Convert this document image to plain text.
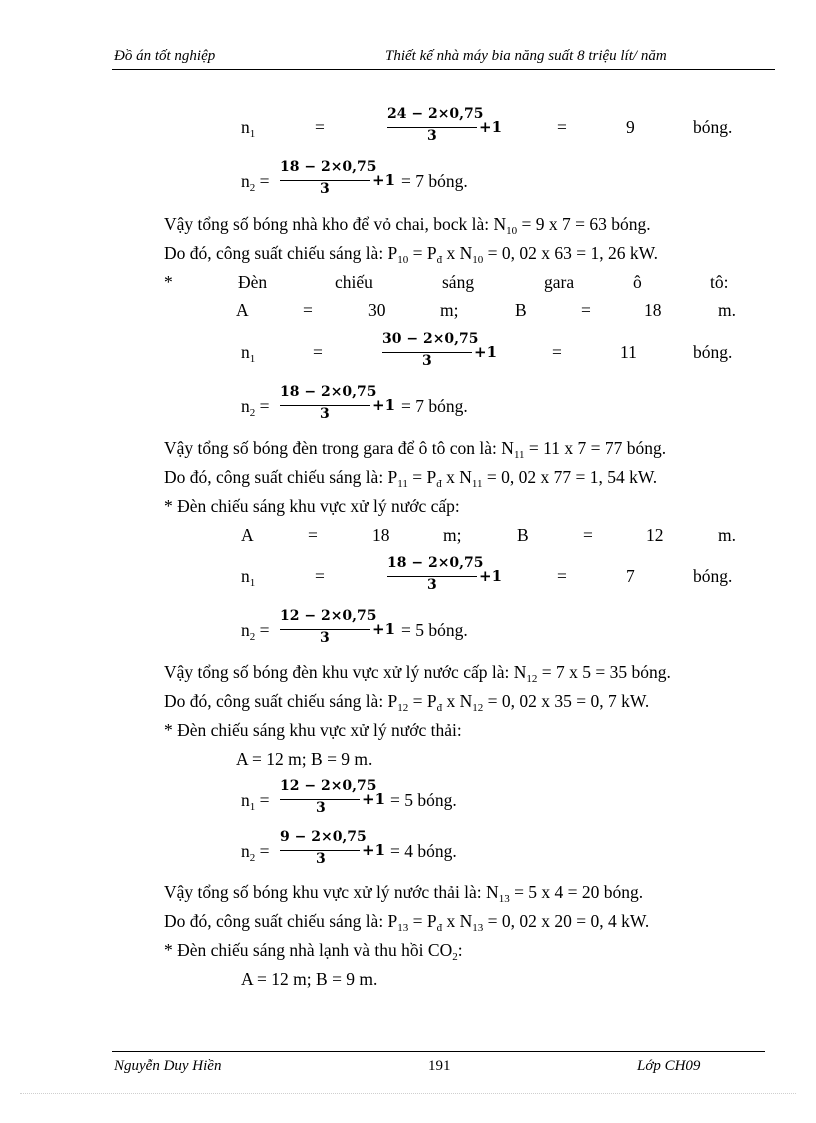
Đồ án tốt nghiệp	Thiết kế nhà máy bia năng suất 8 triệu lít/ năm
$n_1$	=
24 − 2×0,75
3	+1	=	9	bóng.
$n_2$ =
18 − 2×0,75
3	+1 = 7 bóng.
Vậy tổng số bóng nhà kho để vỏ chai, bock là: $N_{10} = 9$ x 7 = 63 bóng.
Do đó, công suất chiếu sáng là: $P_{10} = P_đ$ x $N_{10} = 0$, 02 x 63 = 1, 26 kW.
*	Đèn	chiếu	sáng	gara	ô	tô:
A	=	30	m;	B	=	18	m.
$n_1$	=
30 − 2×0,75
3	+1	=	11	bóng.
$n_2$ =
18 − 2×0,75
3	+1 = 7 bóng.
Vậy tổng số bóng đèn trong gara để ô tô con là: $N_{11} = 11$ x 7 = 77 bóng.
Do đó, công suất chiếu sáng là: $P_{11} = P_đ$ x $N_{11} = 0$, 02 x 77 = 1, 54 kW.
* Đèn chiếu sáng khu vực xử lý nước cấp:
A	=	18	m;	B	=	12	m.
$n_1$	=
18 − 2×0,75
3	+1	=	7	bóng.
$n_2$ =
12 − 2×0,75
3	+1 = 5 bóng.
Vậy tổng số bóng đèn khu vực xử lý nước cấp là: $N_{12} = 7$ x 5 = 35 bóng.
Do đó, công suất chiếu sáng là: $P_{12} = P_đ$ x $N_{12} = 0$, 02 x 35 = 0, 7 kW.
* Đèn chiếu sáng khu vực xử lý nước thải:
A = 12 m; B = 9 m.
$n_1$ =
12 − 2×0,75
3 +1 = 5 bóng.
$n_2$ =
9 − 2×0,75
3 +1 = 4 bóng.
Vậy tổng số bóng khu vực xử lý nước thải là: $N_{13} = 5$ x 4 = 20 bóng.
Do đó, công suất chiếu sáng là: $P_{13} = P_đ$ x $N_{13} = 0$, 02 x 20 = 0, 4 kW.
* Đèn chiếu sáng nhà lạnh và thu hồi $CO_2$:
A = 12 m; B = 9 m.
Nguyễn Duy Hiền	191	Lớp CH09
